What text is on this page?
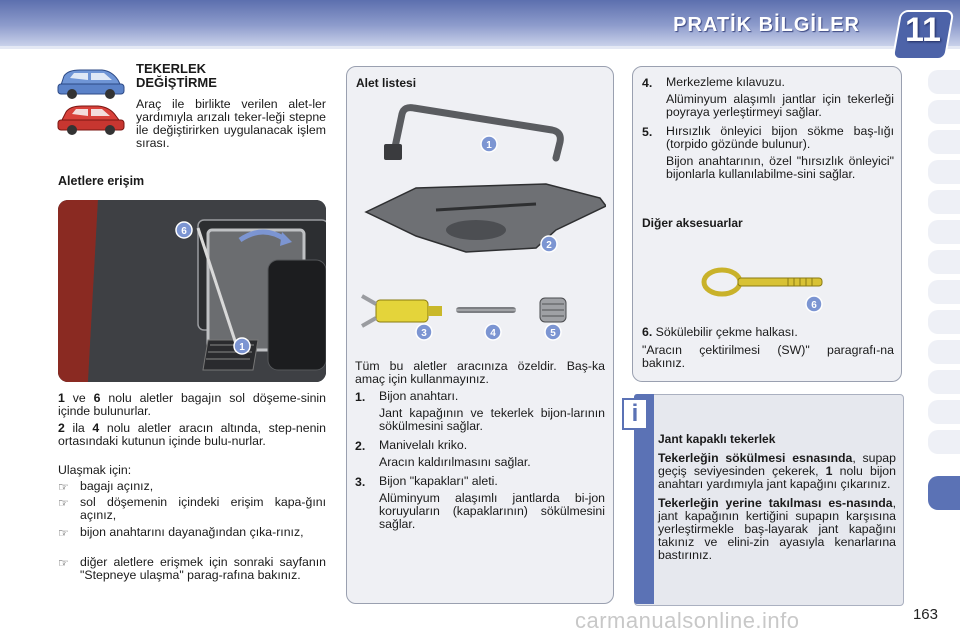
PRATİK BİLGİLER 11
TEKERLEK
DEĞİŞTİRME
Araç ile birlikte verilen alet-ler yardımıyla arızalı teker-leği stepne ile değiştirirken uygulanacak işlem sırası.
Aletlere erişim
6
1
1 ve 6 nolu aletler bagajın sol döşeme-sinin içinde bulunurlar.
2 ila 4 nolu aletler aracın altında, step-nenin ortasındaki kutunun içinde bulu-nurlar.
Ulaşmak için:
☞ bagajı açınız,
☞ sol döşemenin içindeki erişim kapa-ğını açınız,
☞ bijon anahtarını dayanağından çıka-rınız,
☞ diğer aletlere erişmek için sonraki sayfanın "Stepneye ulaşma" parag-rafına bakınız.
Alet listesi
1
2
3	4	5
Tüm bu aletler aracınıza özeldir. Baş-ka amaç için kullanmayınız.
1. Bijon anahtarı.
Jant kapağının ve tekerlek bijon-larının sökülmesini sağlar.
2. Manivelalı kriko.
Aracın kaldırılmasını sağlar.
3. Bijon "kapakları" aleti.
Alüminyum alaşımlı jantlarda bi-jon koruyuların (kapaklarının) sökülmesini sağlar.
4. Merkezleme kılavuzu.
Alüminyum alaşımlı jantlar için tekerleği poyraya yerleştirmeyi sağlar.
5. Hırsızlık önleyici bijon sökme baş-lığı (torpido gözünde bulunur).
Bijon anahtarının, özel "hırsızlık önleyici" bijonlarla kullanılabilme-sini sağlar.
Diğer aksesuarlar
6
6. Sökülebilir çekme halkası.
"Aracın çektirilmesi (SW)" paragrafı-na bakınız.
i
Jant kapaklı tekerlek
Tekerleğin sökülmesi esnasında, supap geçiş seviyesinden çekerek, 1 nolu bijon anahtarı yardımıyla jant kapağını çıkarınız.
Tekerleğin yerine takılması es-nasında, jant kapağının kertiğini supapın karşısına yerleştirmekle baş-layarak jant kapağını takınız ve elini-zin ayasıyla kenarlarına bastırınız.
carmanualsonline.info	163
